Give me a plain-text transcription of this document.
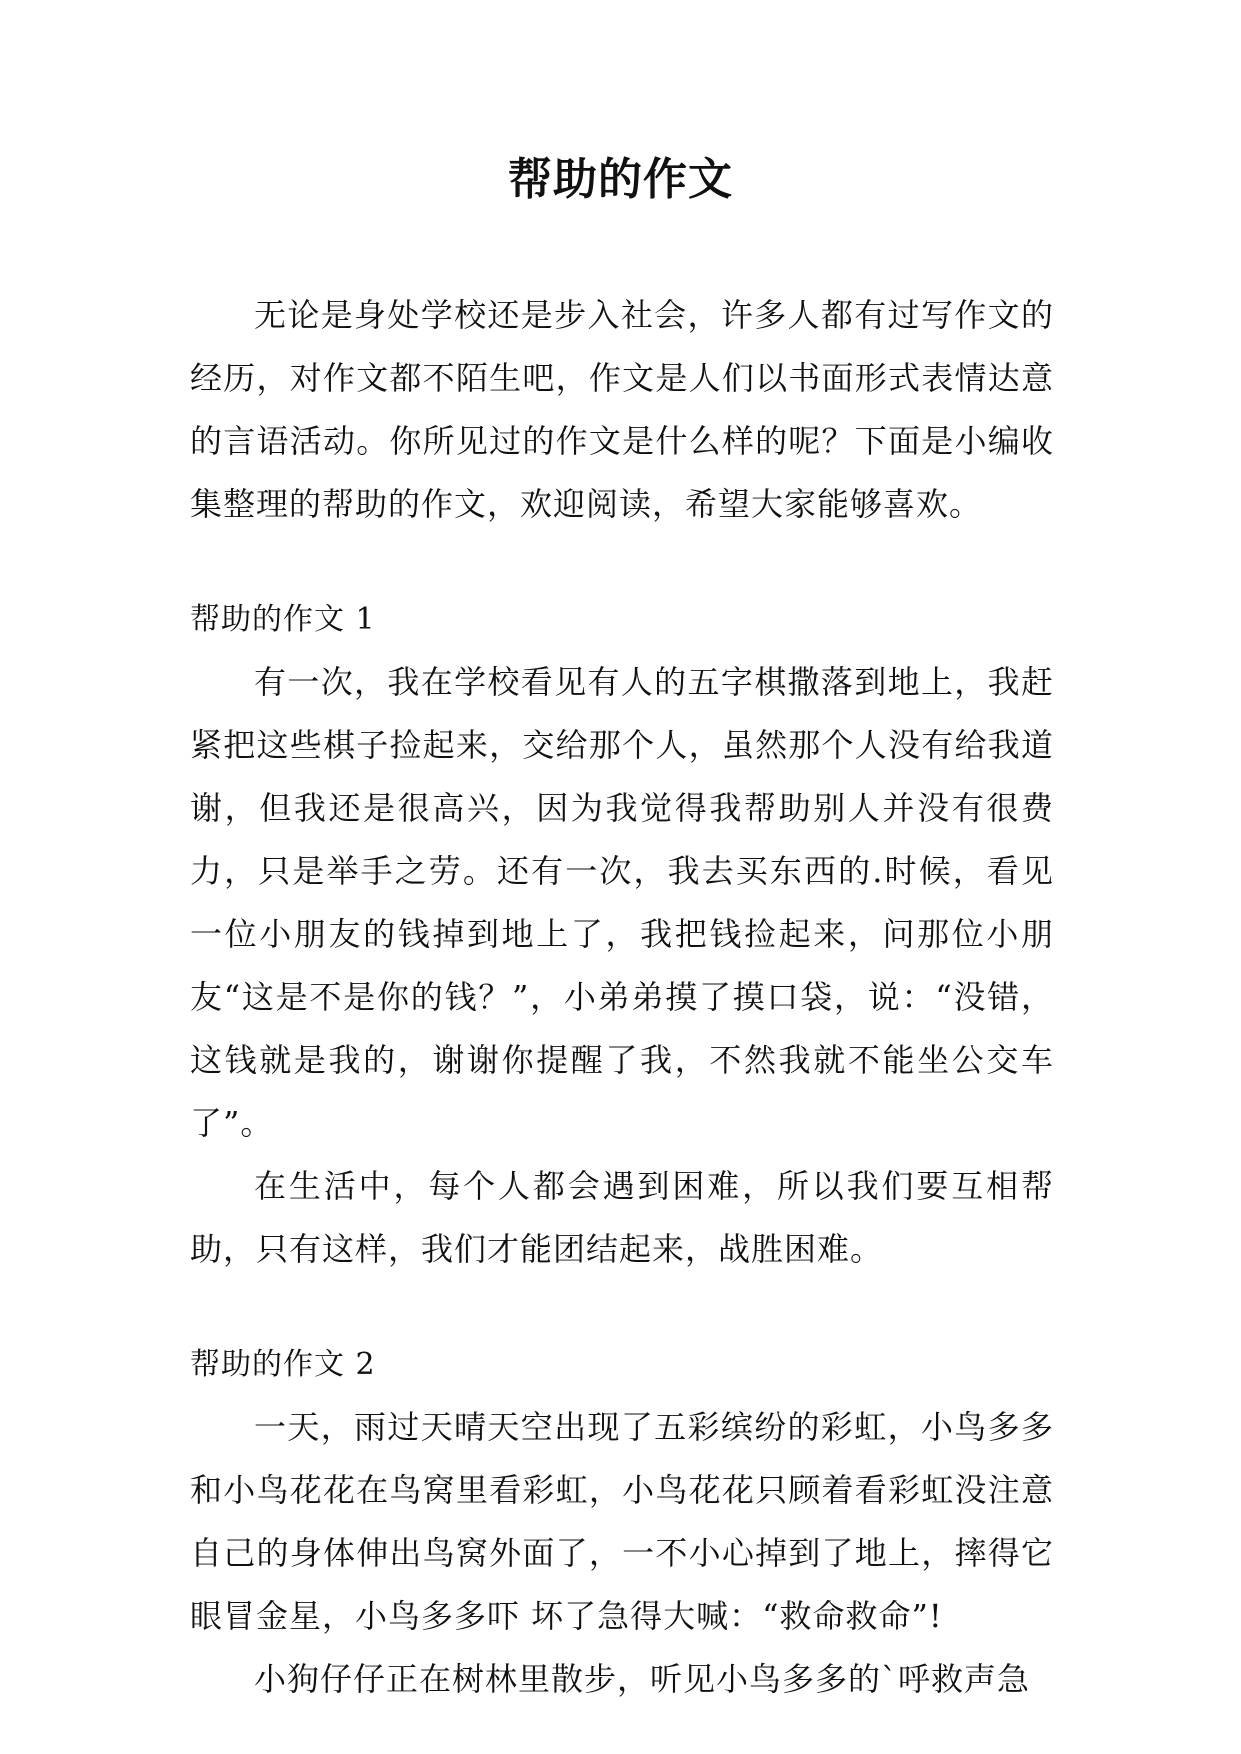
帮助的作文

无论是身处学校还是步入社会，许多人都有过写作文的经历，对作文都不陌生吧，作文是人们以书面形式表情达意的言语活动。你所见过的作文是什么样的呢？下面是小编收集整理的帮助的作文，欢迎阅读，希望大家能够喜欢。

帮助的作文 1

有一次，我在学校看见有人的五字棋撒落到地上，我赶紧把这些棋子捡起来，交给那个人，虽然那个人没有给我道谢，但我还是很高兴，因为我觉得我帮助别人并没有很费力，只是举手之劳。还有一次，我去买东西的.时候，看见一位小朋友的钱掉到地上了，我把钱捡起来，问那位小朋友“这是不是你的钱？”，小弟弟摸了摸口袋，说：“没错，这钱就是我的，谢谢你提醒了我，不然我就不能坐公交车了”。

在生活中，每个人都会遇到困难，所以我们要互相帮助，只有这样，我们才能团结起来，战胜困难。

帮助的作文 2

一天，雨过天晴天空出现了五彩缤纷的彩虹，小鸟多多和小鸟花花在鸟窝里看彩虹，小鸟花花只顾着看彩虹没注意自己的身体伸出鸟窝外面了，一不小心掉到了地上，摔得它眼冒金星，小鸟多多吓 坏了急得大喊：“救命救命”!

小狗仔仔正在树林里散步，听见小鸟多多的`呼救声急
